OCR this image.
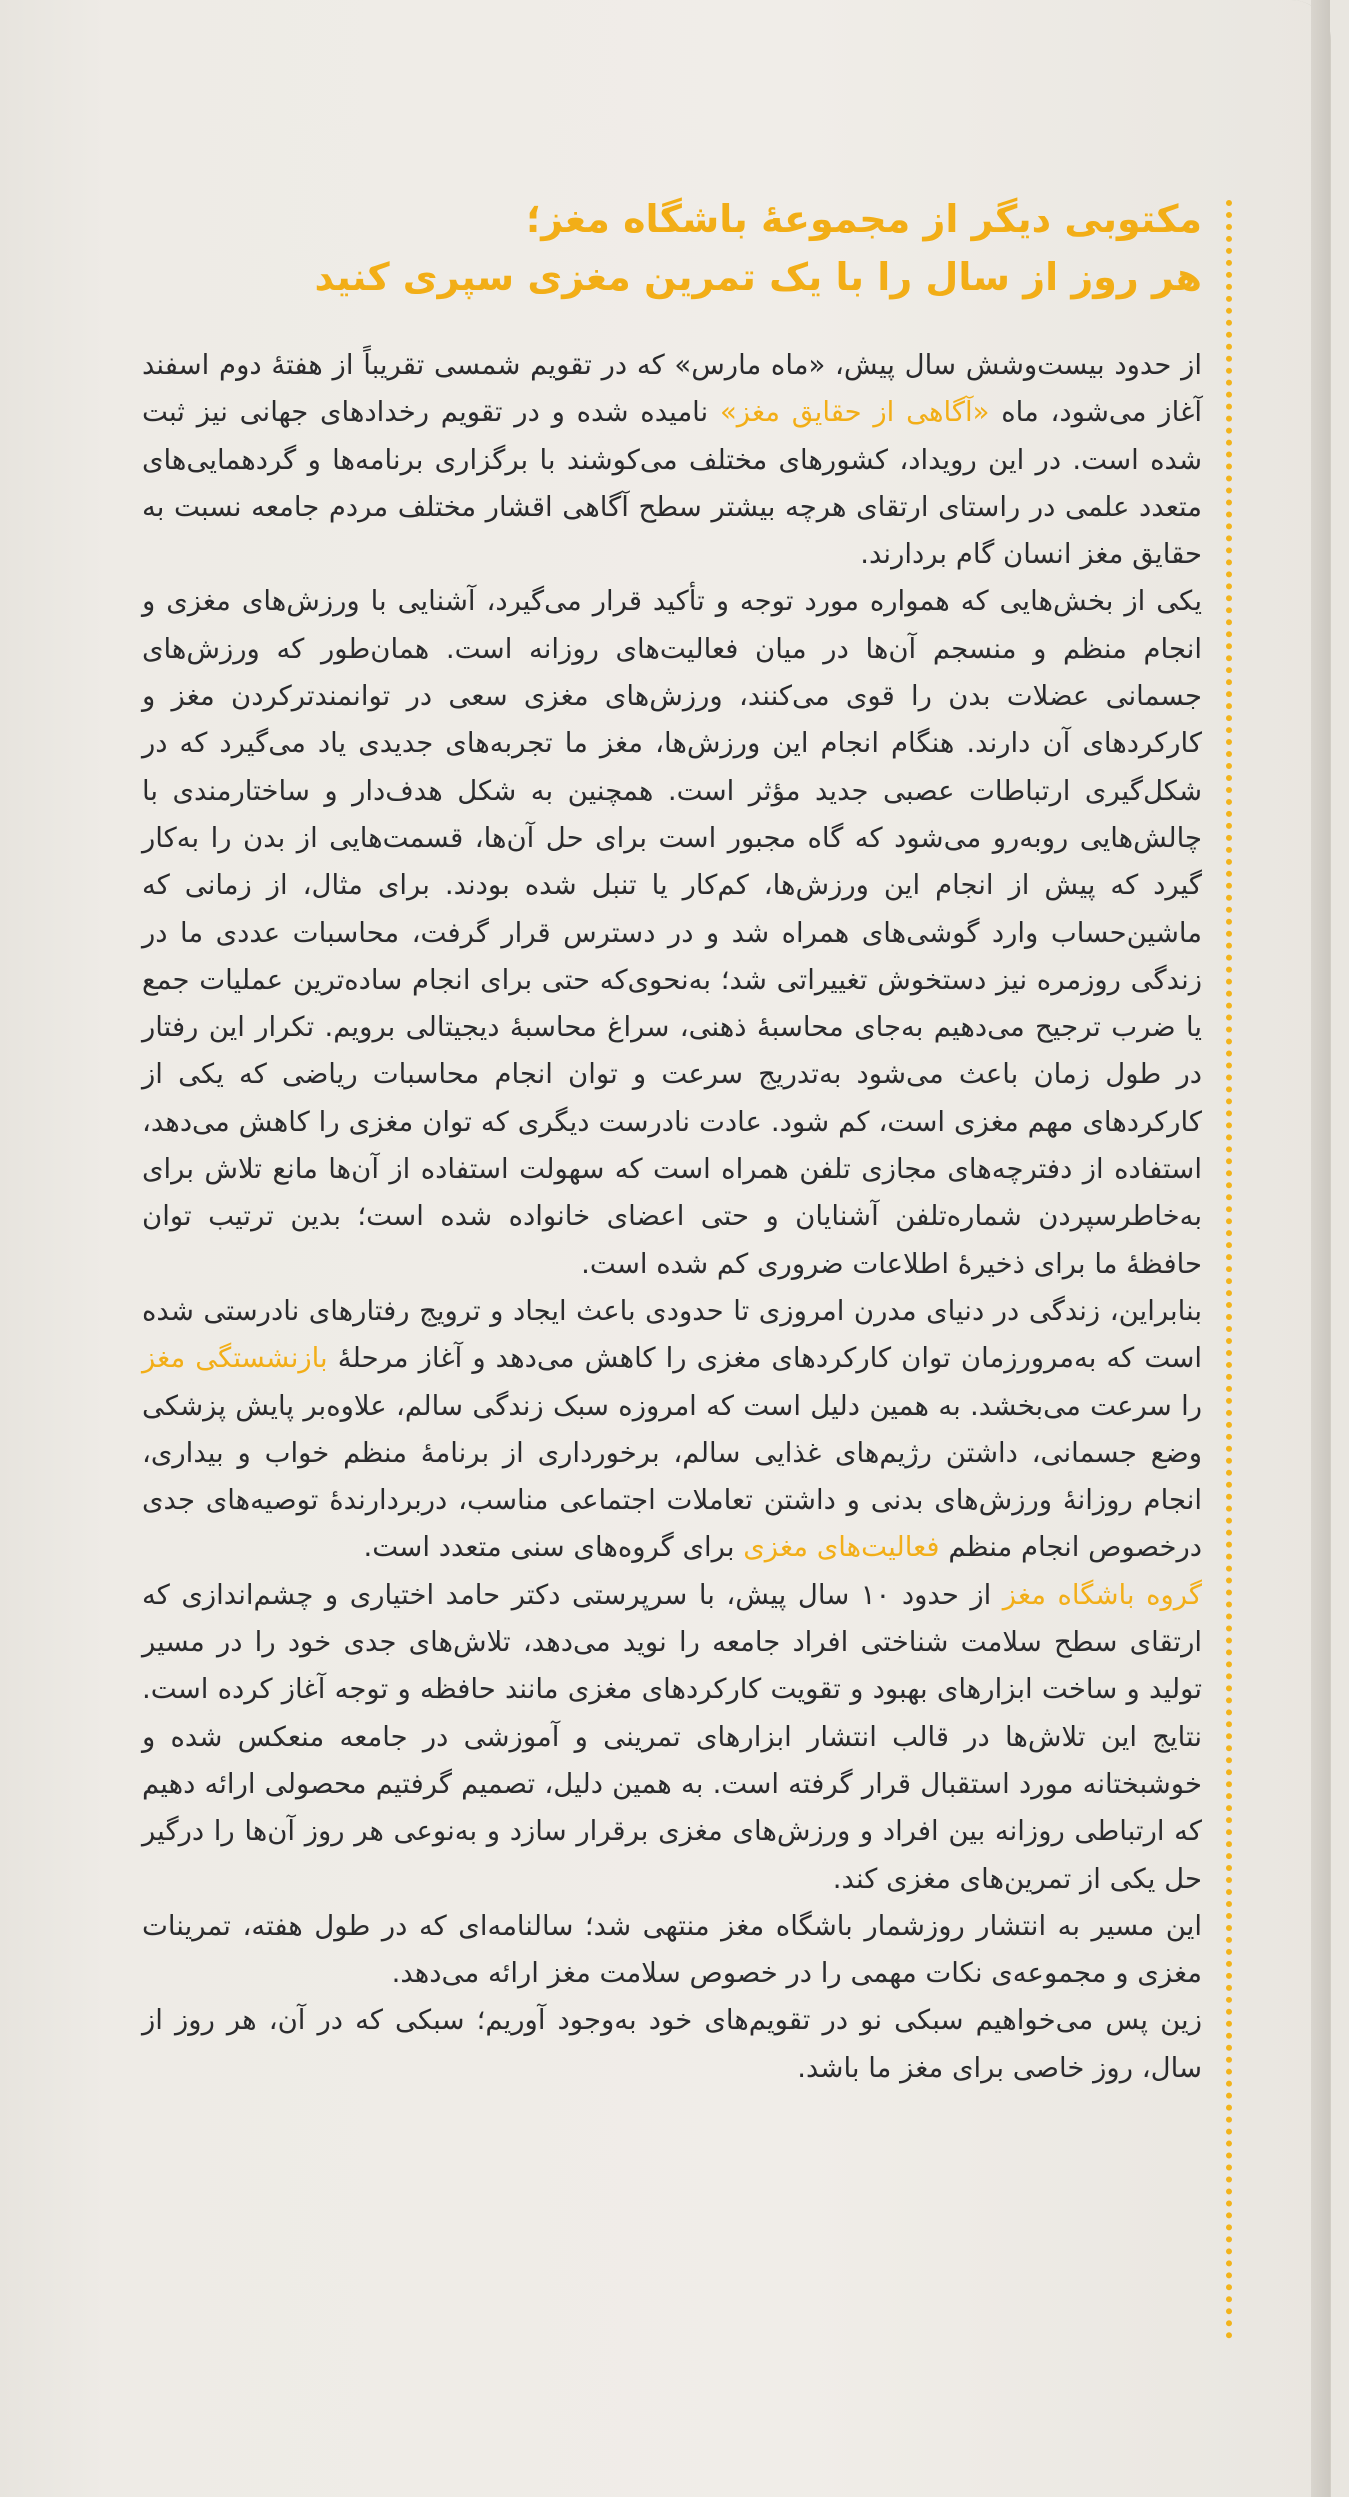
مکتوبی دیگر از مجموعهٔ باشگاه مغز؛
هر روز از سال را با یک تمرین مغزی سپری کنید

از حدود بیست‌وشش سال پیش، «ماه مارس» که در تقویم شمسی تقریباً از هفتهٔ دوم اسفند آغاز می‌شود، ماه «آگاهی از حقایق مغز» نامیده شده و در تقویم رخدادهای جهانی نیز ثبت شده است. در این رویداد، کشورهای مختلف می‌کوشند با برگزاری برنامه‌ها و گردهمایی‌های متعدد علمی در راستای ارتقای هرچه بیشتر سطح آگاهی اقشار مختلف مردم جامعه نسبت به حقایق مغز انسان گام بردارند.

یکی از بخش‌هایی که همواره مورد توجه و تأکید قرار می‌گیرد، آشنایی با ورزش‌های مغزی و انجام منظم و منسجم آن‌ها در میان فعالیت‌های روزانه است. همان‌طور که ورزش‌های جسمانی عضلات بدن را قوی می‌کنند، ورزش‌های مغزی سعی در توانمندترکردن مغز و کارکردهای آن دارند. هنگام انجام این ورزش‌ها، مغز ما تجربه‌های جدیدی یاد می‌گیرد که در شکل‌گیری ارتباطات عصبی جدید مؤثر است. همچنین به شکل هدف‌دار و ساختارمندی با چالش‌هایی روبه‌رو می‌شود که گاه مجبور است برای حل آن‌ها، قسمت‌هایی از بدن را به‌کار گیرد که پیش از انجام این ورزش‌ها، کم‌کار یا تنبل شده بودند. برای مثال، از زمانی که ماشین‌حساب وارد گوشی‌های همراه شد و در دسترس قرار گرفت، محاسبات عددی ما در زندگی روزمره نیز دستخوش تغییراتی شد؛ به‌نحوی‌که حتی برای انجام ساده‌ترین عملیات جمع یا ضرب ترجیح می‌دهیم به‌جای محاسبهٔ ذهنی، سراغ محاسبهٔ دیجیتالی برویم. تکرار این رفتار در طول زمان باعث می‌شود به‌تدریج سرعت و توان انجام محاسبات ریاضی که یکی از کارکردهای مهم مغزی است، کم شود. عادت نادرست دیگری که توان مغزی را کاهش می‌دهد، استفاده از دفترچه‌های مجازی تلفن همراه است که سهولت استفاده از آن‌ها مانع تلاش برای به‌خاطرسپردن شماره‌تلفن آشنایان و حتی اعضای خانواده شده است؛ بدین ترتیب توان حافظهٔ ما برای ذخیرهٔ اطلاعات ضروری کم شده است.

بنابراین، زندگی در دنیای مدرن امروزی تا حدودی باعث ایجاد و ترویج رفتارهای نادرستی شده است که به‌مرورزمان توان کارکردهای مغزی را کاهش می‌دهد و آغاز مرحلهٔ بازنشستگی مغز را سرعت می‌بخشد. به همین دلیل است که امروزه سبک زندگی سالم، علاوه‌بر پایش پزشکی وضع جسمانی، داشتن رژیم‌های غذایی سالم، برخورداری از برنامهٔ منظم خواب و بیداری، انجام روزانهٔ ورزش‌های بدنی و داشتن تعاملات اجتماعی مناسب، دربردارندهٔ توصیه‌های جدی درخصوص انجام منظم فعالیت‌های مغزی برای گروه‌های سنی متعدد است.

گروه باشگاه مغز از حدود ۱۰ سال پیش، با سرپرستی دکتر حامد اختیاری و چشم‌اندازی که ارتقای سطح سلامت شناختی افراد جامعه را نوید می‌دهد، تلاش‌های جدی خود را در مسیر تولید و ساخت ابزارهای بهبود و تقویت کارکردهای مغزی مانند حافظه و توجه آغاز کرده است. نتایج این تلاش‌ها در قالب انتشار ابزارهای تمرینی و آموزشی در جامعه منعکس شده و خوشبختانه مورد استقبال قرار گرفته است. به همین دلیل، تصمیم گرفتیم محصولی ارائه دهیم که ارتباطی روزانه بین افراد و ورزش‌های مغزی برقرار سازد و به‌نوعی هر روز آن‌ها را درگیر حل یکی از تمرین‌های مغزی کند.

این مسیر به انتشار روزشمار باشگاه مغز منتهی شد؛ سالنامه‌ای که در طول هفته، تمرینات مغزی و مجموعه‌ی نکات مهمی را در خصوص سلامت مغز ارائه می‌دهد.

زین پس می‌خواهیم سبکی نو در تقویم‌های خود به‌وجود آوریم؛ سبکی که در آن، هر روز از سال، روز خاصی برای مغز ما باشد.
